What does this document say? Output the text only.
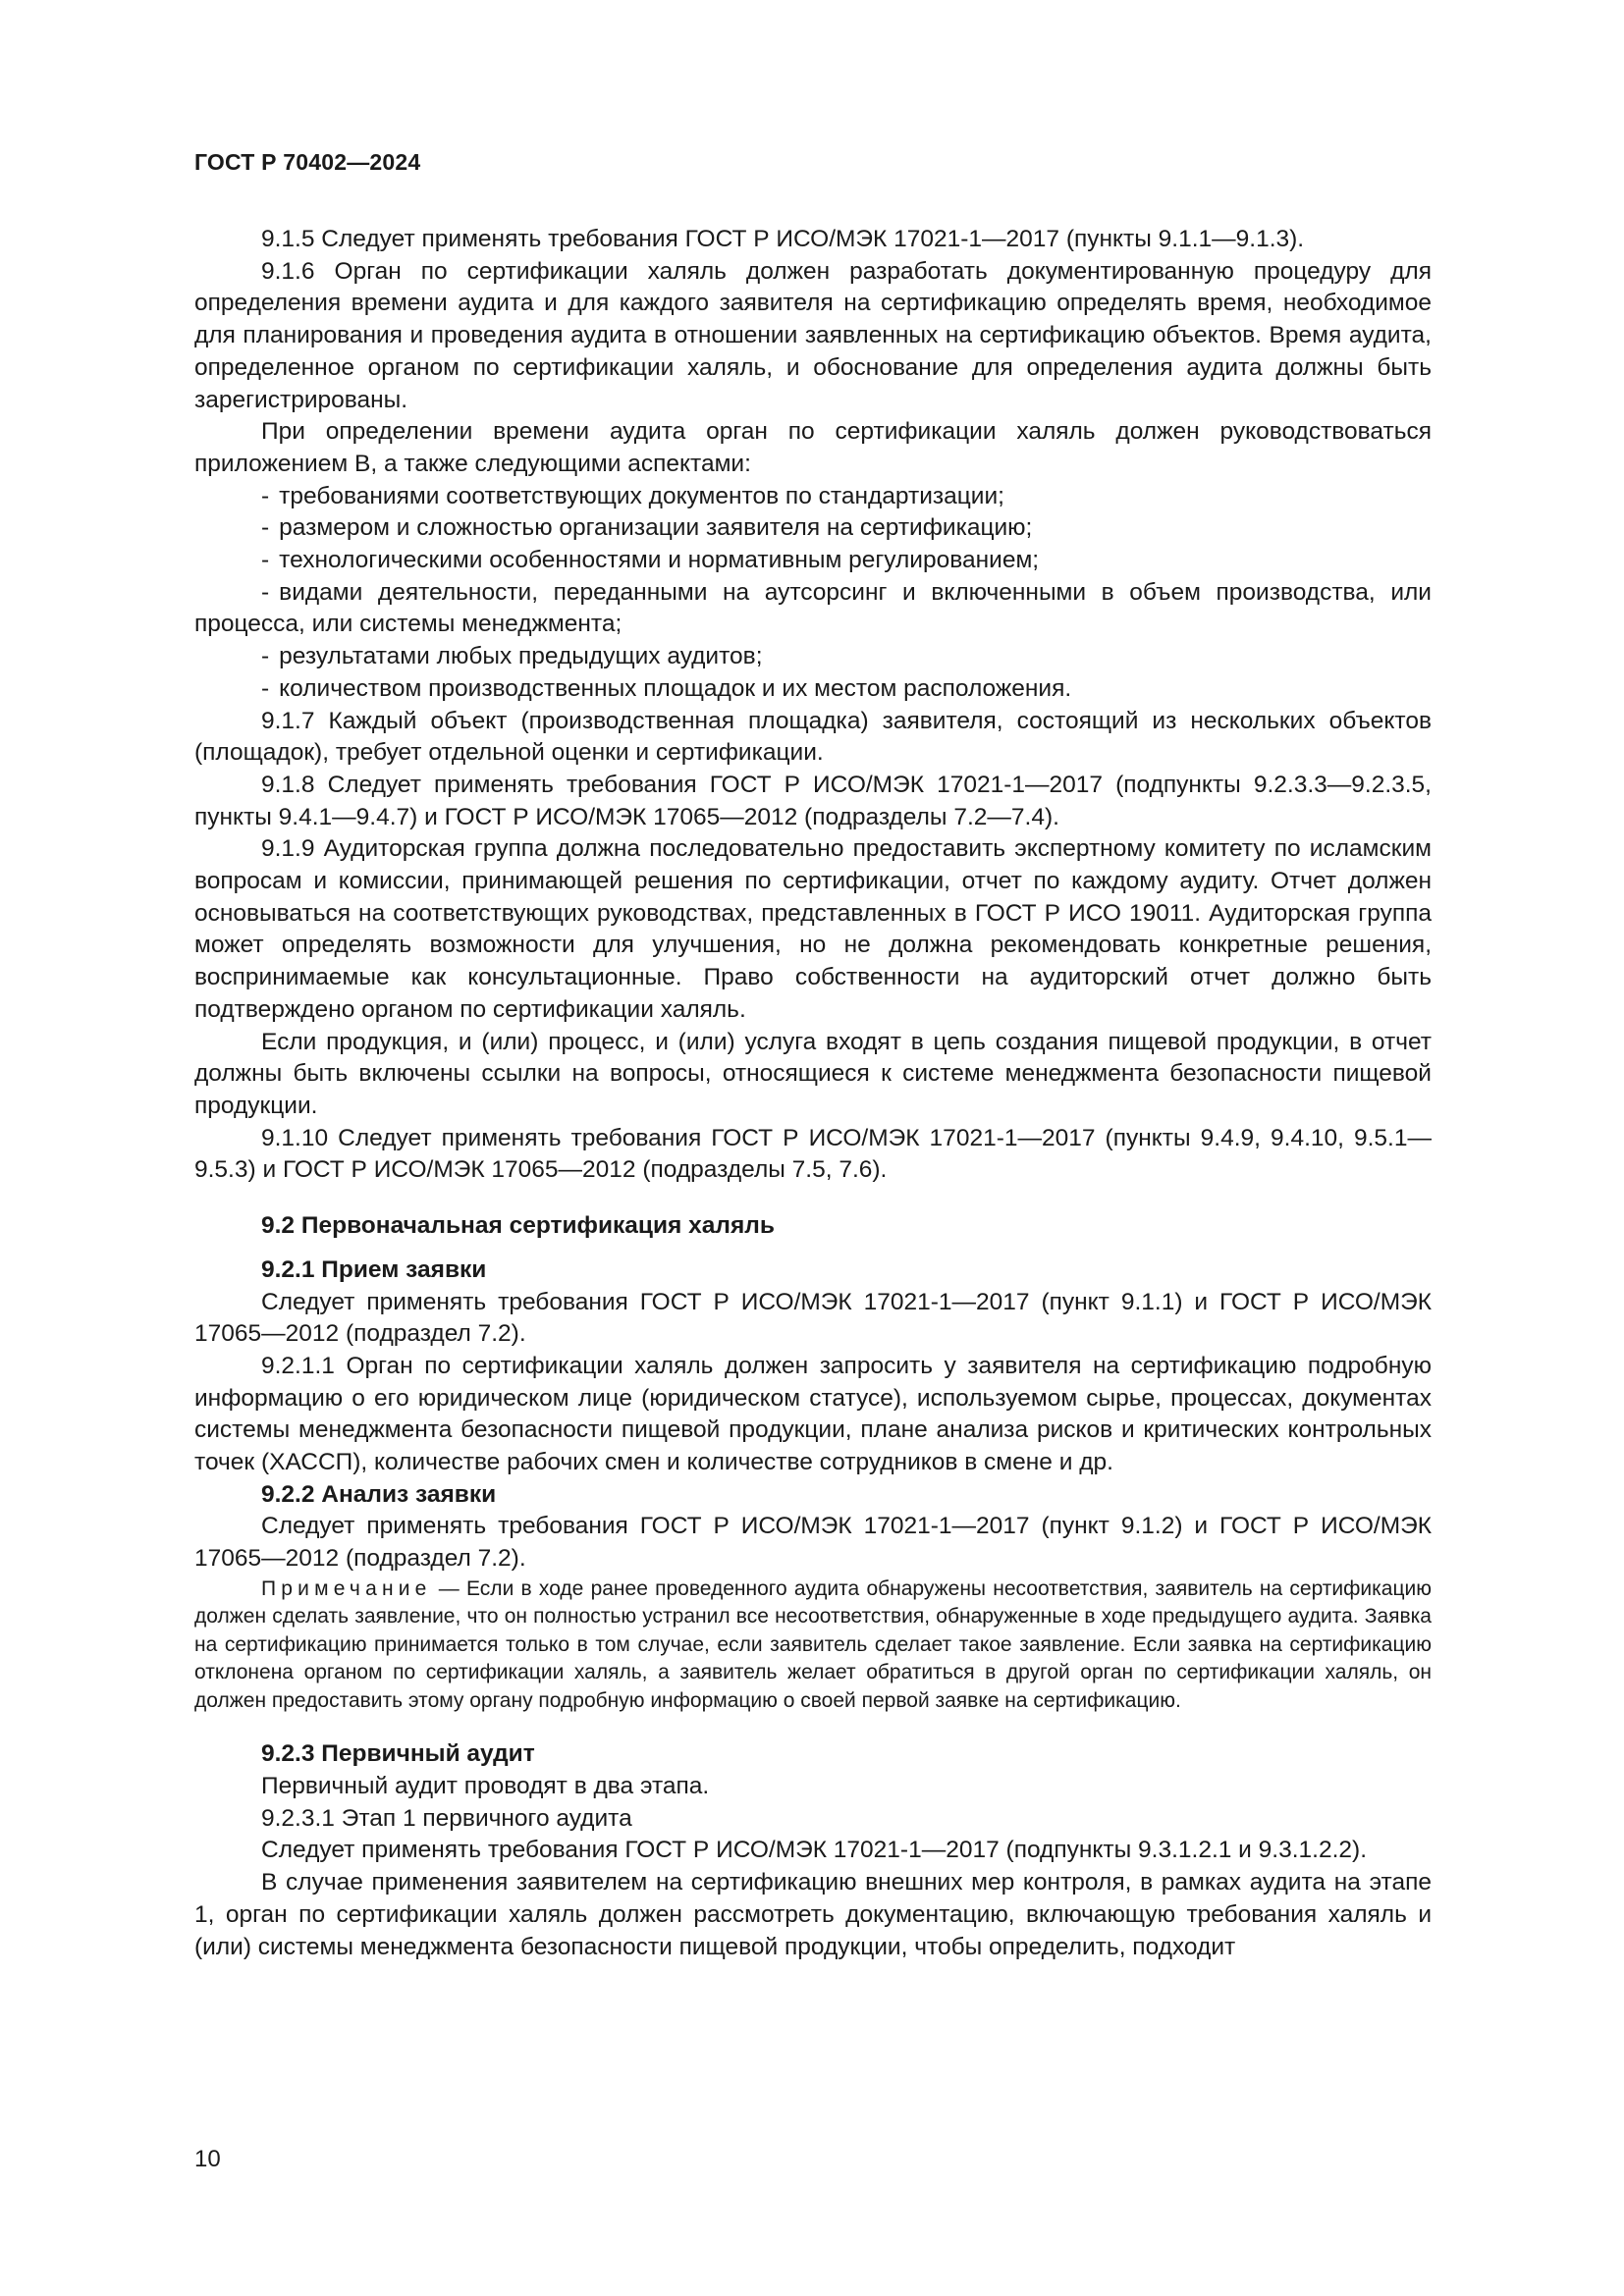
ГОСТ Р 70402—2024

9.1.5 Следует применять требования ГОСТ Р ИСО/МЭК 17021-1—2017 (пункты 9.1.1—9.1.3).

9.1.6 Орган по сертификации халяль должен разработать документированную процедуру для определения времени аудита и для каждого заявителя на сертификацию определять время, необходимое для планирования и проведения аудита в отношении заявленных на сертификацию объектов. Время аудита, определенное органом по сертификации халяль, и обоснование для определения аудита должны быть зарегистрированы.

При определении времени аудита орган по сертификации халяль должен руководствоваться приложением В, а также следующими аспектами:

- требованиями соответствующих документов по стандартизации;

- размером и сложностью организации заявителя на сертификацию;

- технологическими особенностями и нормативным регулированием;

- видами деятельности, переданными на аутсорсинг и включенными в объем производства, или процесса, или системы менеджмента;

- результатами любых предыдущих аудитов;

- количеством производственных площадок и их местом расположения.

9.1.7 Каждый объект (производственная площадка) заявителя, состоящий из нескольких объектов (площадок), требует отдельной оценки и сертификации.

9.1.8 Следует применять требования ГОСТ Р ИСО/МЭК 17021-1—2017 (подпункты 9.2.3.3—9.2.3.5, пункты 9.4.1—9.4.7) и ГОСТ Р ИСО/МЭК 17065—2012 (подразделы 7.2—7.4).

9.1.9 Аудиторская группа должна последовательно предоставить экспертному комитету по исламским вопросам и комиссии, принимающей решения по сертификации, отчет по каждому аудиту. Отчет должен основываться на соответствующих руководствах, представленных в ГОСТ Р ИСО 19011. Аудиторская группа может определять возможности для улучшения, но не должна рекомендовать конкретные решения, воспринимаемые как консультационные. Право собственности на аудиторский отчет должно быть подтверждено органом по сертификации халяль.

Если продукция, и (или) процесс, и (или) услуга входят в цепь создания пищевой продукции, в отчет должны быть включены ссылки на вопросы, относящиеся к системе менеджмента безопасности пищевой продукции.

9.1.10 Следует применять требования ГОСТ Р ИСО/МЭК 17021-1—2017 (пункты 9.4.9, 9.4.10, 9.5.1—9.5.3) и ГОСТ Р ИСО/МЭК 17065—2012 (подразделы 7.5, 7.6).

9.2 Первоначальная сертификация халяль
9.2.1 Прием заявки

Следует применять требования ГОСТ Р ИСО/МЭК 17021-1—2017 (пункт 9.1.1) и ГОСТ Р ИСО/МЭК 17065—2012 (подраздел 7.2).

9.2.1.1 Орган по сертификации халяль должен запросить у заявителя на сертификацию подробную информацию о его юридическом лице (юридическом статусе), используемом сырье, процессах, документах системы менеджмента безопасности пищевой продукции, плане анализа рисков и критических контрольных точек (ХАССП), количестве рабочих смен и количестве сотрудников в смене и др.

9.2.2 Анализ заявки

Следует применять требования ГОСТ Р ИСО/МЭК 17021-1—2017 (пункт 9.1.2) и ГОСТ Р ИСО/МЭК 17065—2012 (подраздел 7.2).

Примечание — Если в ходе ранее проведенного аудита обнаружены несоответствия, заявитель на сертификацию должен сделать заявление, что он полностью устранил все несоответствия, обнаруженные в ходе предыдущего аудита. Заявка на сертификацию принимается только в том случае, если заявитель сделает такое заявление. Если заявка на сертификацию отклонена органом по сертификации халяль, а заявитель желает обратиться в другой орган по сертификации халяль, он должен предоставить этому органу подробную информацию о своей первой заявке на сертификацию.

9.2.3 Первичный аудит

Первичный аудит проводят в два этапа.

9.2.3.1 Этап 1 первичного аудита

Следует применять требования ГОСТ Р ИСО/МЭК 17021-1—2017 (подпункты 9.3.1.2.1 и 9.3.1.2.2).

В случае применения заявителем на сертификацию внешних мер контроля, в рамках аудита на этапе 1, орган по сертификации халяль должен рассмотреть документацию, включающую требования халяль и (или) системы менеджмента безопасности пищевой продукции, чтобы определить, подходит

10
